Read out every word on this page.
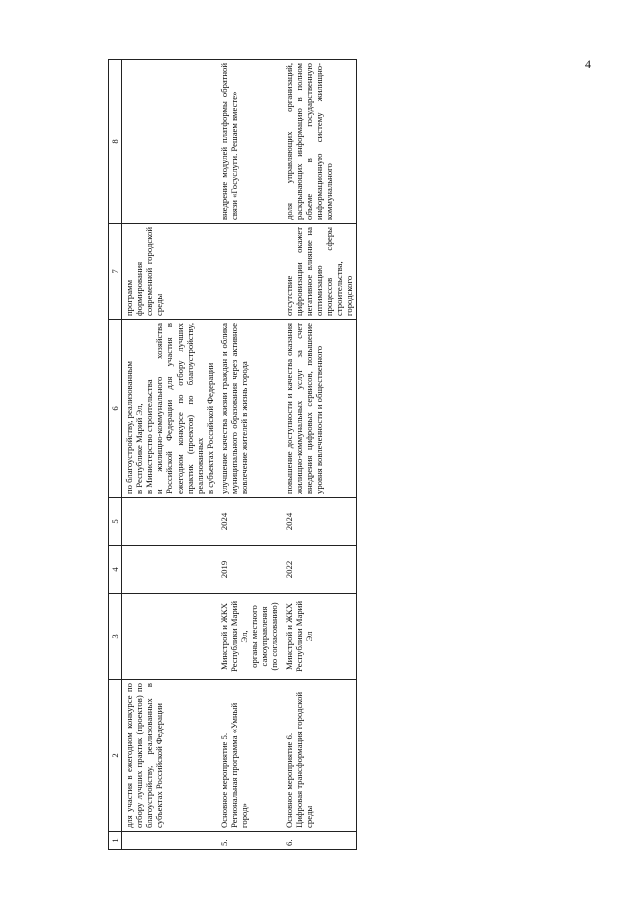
4
1	2	3	4	5	6	7	8
	для участия в ежегодном конкурсе по отбору лучших практик (проектов) по благоустройству, реализованных в субъектах Российской Федерации				по благоустройству, реализованным
в Республике Марий Эл,
в Министерство строительства
и жилищно-коммунального хозяйства Российской Федерации для участия в ежегодном конкурсе по отбору лучших практик (проектов) по благоустройству, реализованных
в субъектах Российской Федерации	программ формирования современной городской среды	
5.	Основное мероприятие 5.
Региональная программа «Умный город»	Минстрой и ЖКХ Республики Марий Эл,
органы местного самоуправления
(по согласованию)	2019	2024	улучшение качества жизни граждан и облика муниципального образования через активное вовлечение жителей в жизнь города		внедрение модулей платформы обратной связи «Госуслуги. Решаем вместе»
6.	Основное мероприятие 6.
Цифровая трансформация городской среды	Минстрой и ЖКХ Республики Марий Эл	2022	2024	повышение доступности и качества оказания жилищно-коммунальных услуг за счет внедрения цифровых сервисов, повышение уровня вовлеченности и общественного	отсутствие цифровизации окажет негативное влияние на оптимизацию процессов сферы строительства, городского	доля управляющих организаций, раскрывающих информацию в полном объеме в государственную информационную систему жилищно-коммунального
